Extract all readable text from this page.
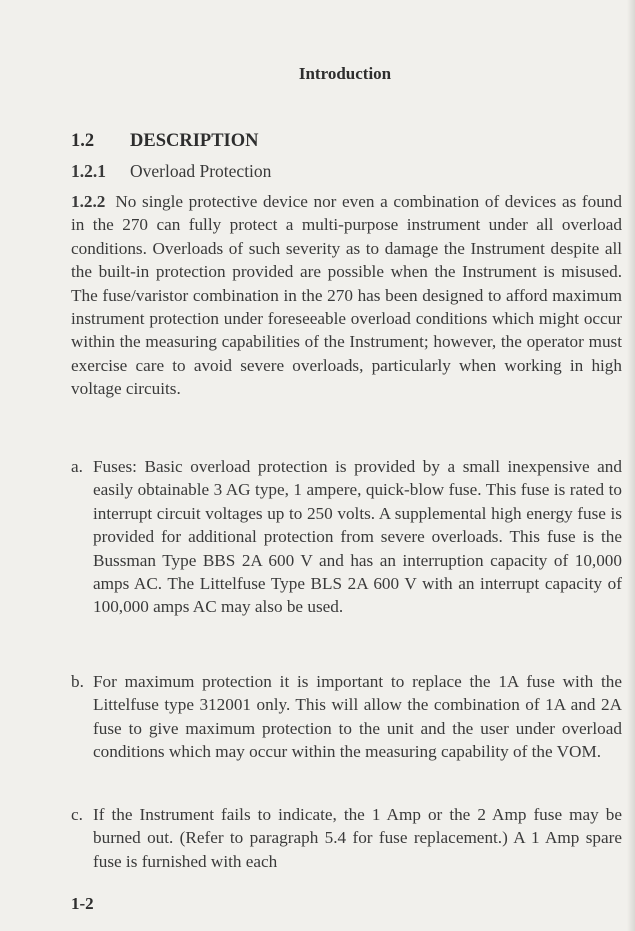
Introduction
1.2 DESCRIPTION
1.2.1 Overload Protection
1.2.2 No single protective device nor even a combination of devices as found in the 270 can fully protect a multi-purpose instrument under all overload conditions. Overloads of such severity as to damage the Instrument despite all the built-in protection provided are possible when the Instrument is misused. The fuse/varistor combination in the 270 has been designed to afford maximum instrument protection under foreseeable overload conditions which might occur within the measuring capabilities of the Instrument; however, the operator must exercise care to avoid severe overloads, particularly when working in high voltage circuits.
a. Fuses: Basic overload protection is provided by a small inexpensive and easily obtainable 3 AG type, 1 ampere, quick-blow fuse. This fuse is rated to interrupt circuit voltages up to 250 volts. A supplemental high energy fuse is provided for additional protection from severe overloads. This fuse is the Bussman Type BBS 2A 600 V and has an interruption capacity of 10,000 amps AC. The Littelfuse Type BLS 2A 600 V with an interrupt capacity of 100,000 amps AC may also be used.
b. For maximum protection it is important to replace the 1A fuse with the Littelfuse type 312001 only. This will allow the combination of 1A and 2A fuse to give maximum protection to the unit and the user under overload conditions which may occur within the measuring capability of the VOM.
c. If the Instrument fails to indicate, the 1 Amp or the 2 Amp fuse may be burned out. (Refer to paragraph 5.4 for fuse replacement.) A 1 Amp spare fuse is furnished with each
1-2
